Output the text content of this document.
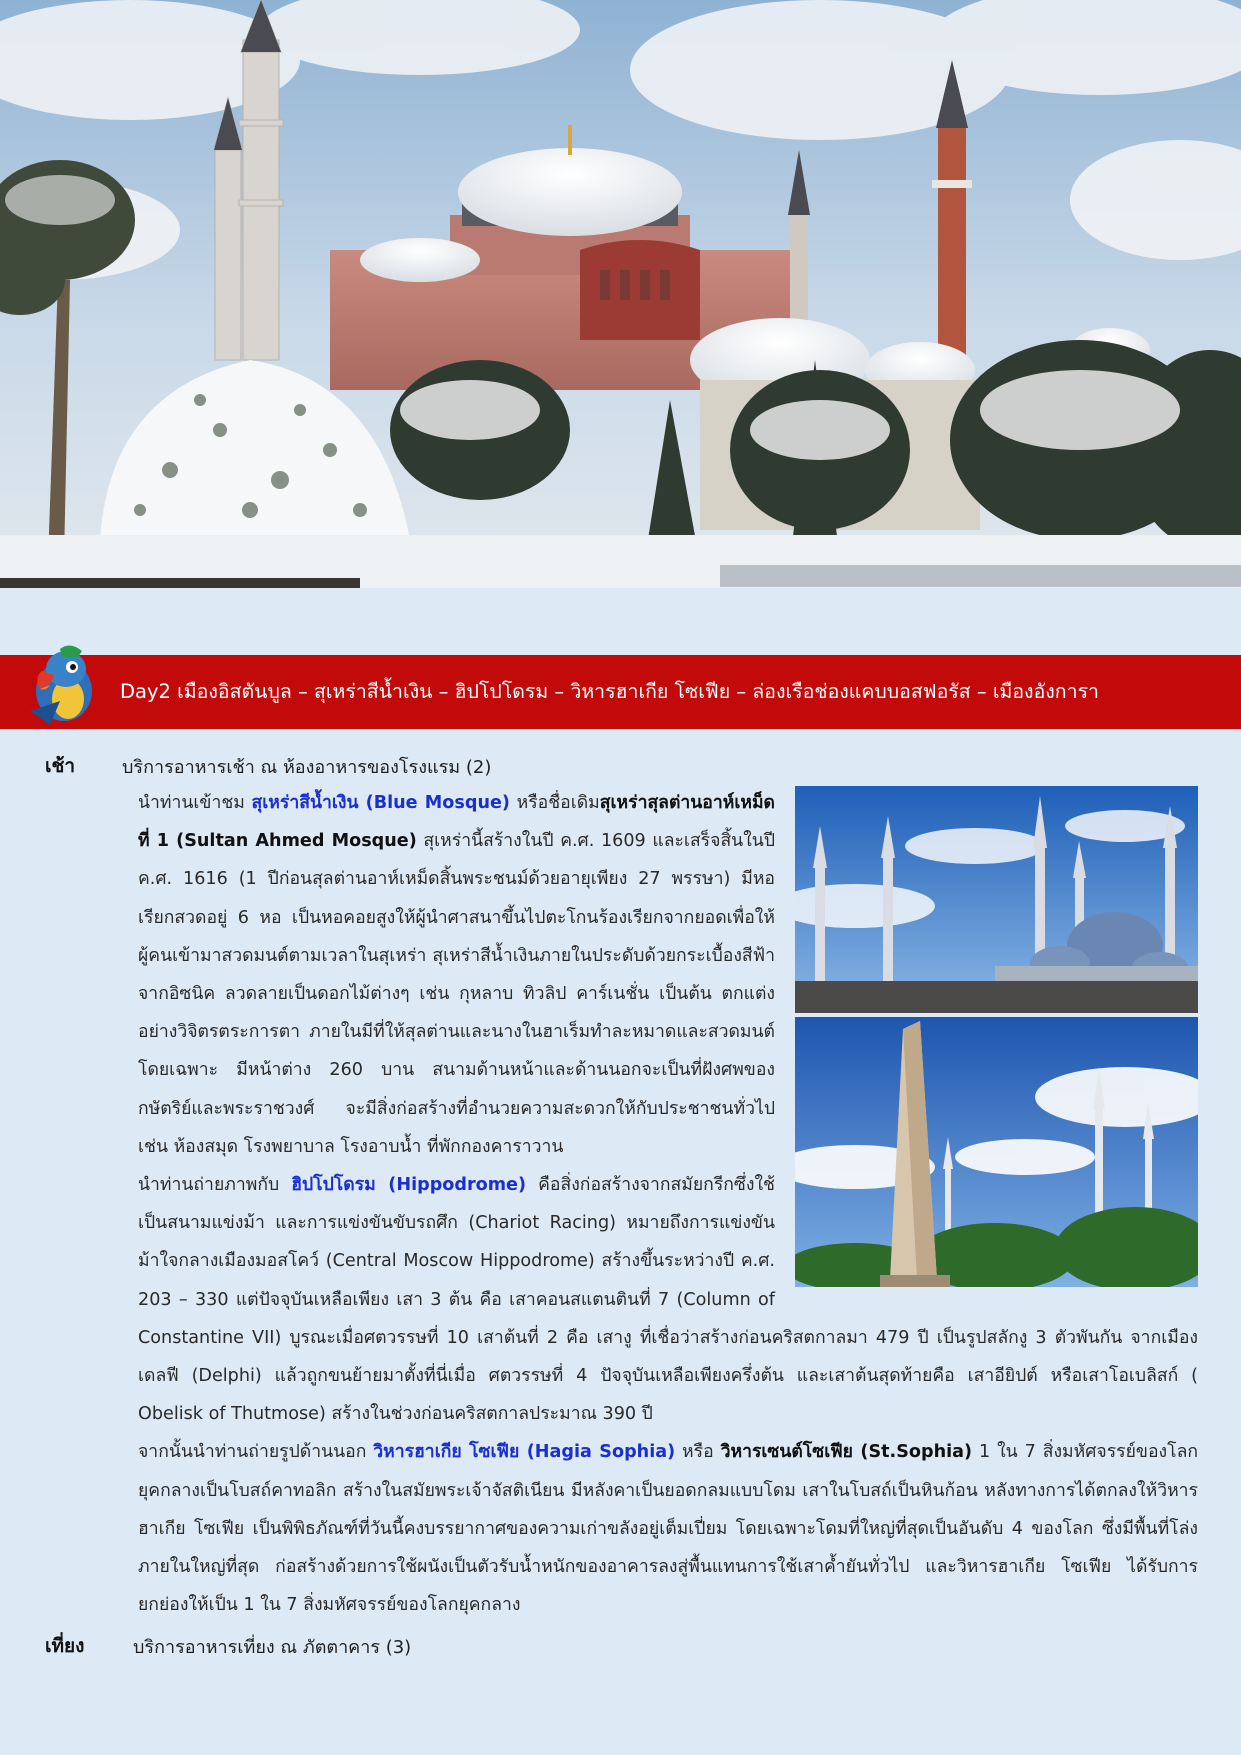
Day2 เมืองอิสตันบูล – สุเหร่าสีน้ำเงิน – ฮิปโปโดรม – วิหารฮาเกีย โซเฟีย – ล่องเรือช่องแคบบอสฟอรัส – เมืองอังการา
เช้า	บริการอาหารเช้า ณ ห้องอาหารของโรงแรม (2)

นำท่านเข้าชม สุเหร่าสีน้ำเงิน (Blue Mosque) หรือชื่อเดิมสุเหร่าสุลต่านอาห์เหม็ดที่ 1 (Sultan Ahmed Mosque) สุเหร่านี้สร้างในปี ค.ศ. 1609 และเสร็จสิ้นในปี ค.ศ. 1616 (1 ปีก่อนสุลต่านอาห์เหม็ดสิ้นพระชนม์ด้วยอายุเพียง 27 พรรษา) มีหอเรียกสวดอยู่ 6 หอ เป็นหอคอยสูงให้ผู้นำศาสนาขึ้นไปตะโกนร้องเรียกจากยอดเพื่อให้ผู้คนเข้ามาสวดมนต์ตามเวลาในสุเหร่า สุเหร่าสีน้ำเงินภายในประดับด้วยกระเบื้องสีฟ้าจากอิซนิค ลวดลายเป็นดอกไม้ต่างๆ เช่น กุหลาบ ทิวลิป คาร์เนชั่น เป็นต้น ตกแต่งอย่างวิจิตรตระการตา ภายในมีที่ให้สุลต่านและนางในฮาเร็มทำละหมาดและสวดมนต์โดยเฉพาะ มีหน้าต่าง 260 บาน สนามด้านหน้าและด้านนอกจะเป็นที่ฝังศพของกษัตริย์และพระราชวงศ์ จะมีสิ่งก่อสร้างที่อำนวยความสะดวกให้กับประชาชนทั่วไป เช่น ห้องสมุด โรงพยาบาล โรงอาบน้ำ ที่พักกองคาราวาน

นำท่านถ่ายภาพกับ ฮิปโปโดรม (Hippodrome) คือสิ่งก่อสร้างจากสมัยกรีกซึ่งใช้เป็นสนามแข่งม้า และการแข่งขันขับรถศึก (Chariot Racing) หมายถึงการแข่งขันม้าใจกลางเมืองมอสโคว์ (Central Moscow Hippodrome) สร้างขึ้นระหว่างปี ค.ศ. 203 – 330 แต่ปัจจุบันเหลือเพียง เสา 3 ต้น คือ เสาคอนสแตนตินที่ 7 (Column of Constantine VII) บูรณะเมื่อศตวรรษที่ 10 เสาต้นที่ 2 คือ เสางู ที่เชื่อว่าสร้างก่อนคริสตกาลมา 479 ปี เป็นรูปสลักงู 3 ตัวพันกัน จากเมืองเดลฟี (Delphi) แล้วถูกขนย้ายมาตั้งที่นี่เมื่อ ศตวรรษที่ 4 ปัจจุบันเหลือเพียงครึ่งต้น และเสาต้นสุดท้ายคือ เสาอียิปต์ หรือเสาโอเบลิสก์ ( Obelisk of Thutmose) สร้างในช่วงก่อนคริสตกาลประมาณ 390 ปี

จากนั้นนำท่านถ่ายรูปด้านนอก วิหารฮาเกีย โซเฟีย (Hagia Sophia) หรือ วิหารเซนต์โซเฟีย (St.Sophia) 1 ใน 7 สิ่งมหัศจรรย์ของโลกยุคกลางเป็นโบสถ์คาทอลิก สร้างในสมัยพระเจ้าจัสติเนียน มีหลังคาเป็นยอดกลมแบบโดม เสาในโบสถ์เป็นหินก้อน หลังทางการได้ตกลงให้วิหารฮาเกีย โซเฟีย เป็นพิพิธภัณฑ์ที่วันนี้คงบรรยากาศของความเก่าขลังอยู่เต็มเปี่ยม โดยเฉพาะโดมที่ใหญ่ที่สุดเป็นอันดับ 4 ของโลก ซึ่งมีพื้นที่โล่งภายในใหญ่ที่สุด ก่อสร้างด้วยการใช้ผนังเป็นตัวรับน้ำหนักของอาคารลงสู่พื้นแทนการใช้เสาค้ำยันทั่วไป และวิหารฮาเกีย โซเฟีย ได้รับการยกย่องให้เป็น 1 ใน 7 สิ่งมหัศจรรย์ของโลกยุคกลาง

เที่ยง	บริการอาหารเที่ยง ณ ภัตตาคาร (3)
